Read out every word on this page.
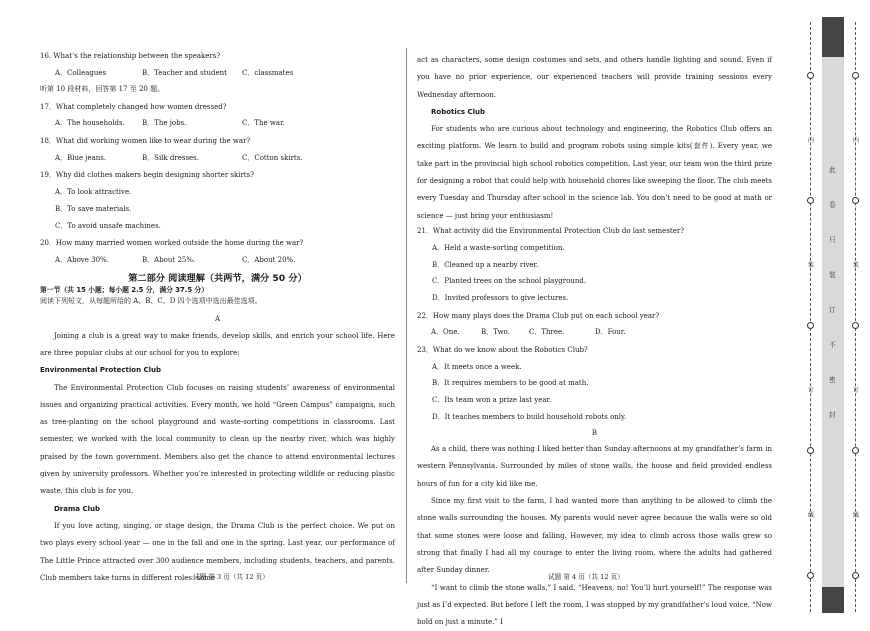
16. What’s the relationship between the speakers?
A．Colleagues	B．Teacher and student	C．classmates
听第 10 段材料，回答第 17 至 20 题。
17．What completely changed how women dressed?
A．The households.	B．The jobs.	C．The war.
18．What did working women like to wear during the war?
A．Blue jeans.	B．Silk dresses.	C．Cotton skirts.
19．Why did clothes makers begin designing shorter skirts?
A．To look attractive.
B．To save materials.
C．To avoid unsafe machines.
20．How many married women worked outside the home during the war?
A．Above 30%.	B．About 25%.	C．About 20%.
第二部分 阅读理解（共两节，满分 50 分）
第一节（共 15 小题；每小题 2.5 分，满分 37.5 分）
阅读下列短文，从每题所给的 A、B、C、D 四个选项中选出最佳选项。
A

Joining a club is a great way to make friends, develop skills, and enrich your school life. Here are three popular clubs at our school for you to explore:

Environmental Protection Club

The Environmental Protection Club focuses on raising students’ awareness of environmental issues and organizing practical activities. Every month, we hold “Green Campus” campaigns, such as tree-planting on the school playground and waste-sorting competitions in classrooms. Last semester, we worked with the local community to clean up the nearby river, which was highly praised by the town government. Members also get the chance to attend environmental lectures given by university professors. Whether you’re interested in protecting wildlife or reducing plastic waste, this club is for you.

Drama Club

If you love acting, singing, or stage design, the Drama Club is the perfect choice. We put on two plays every school year — one in the fall and one in the spring. Last year, our performance of The Little Prince attracted over 300 audience members, including students, teachers, and parents. Club members take turns in different roles: some

试题 第 3 页（共 12 页）

act as characters, some design costumes and sets, and others handle lighting and sound. Even if you have no prior experience, our experienced teachers will provide training sessions every Wednesday afternoon.

Robotics Club

For students who are curious about technology and engineering, the Robotics Club offers an exciting platform. We learn to build and program robots using simple kits(套件). Every year, we take part in the provincial high school robotics competition. Last year, our team won the third prize for designing a robot that could help with household chores like sweeping the floor. The club meets every Tuesday and Thursday after school in the science lab. You don’t need to be good at math or science — just bring your enthusiasm!

21．What activity did the Environmental Protection Club do last semester?
A．Held a waste-sorting competition.
B．Cleaned up a nearby river.
C．Planted trees on the school playground.
D．Invited professors to give lectures.
22．How many plays does the Drama Club put on each school year?
A．One.	B．Two.	C．Three.	D．Four.
23．What do we know about the Robotics Club?
A．It meets once a week.
B．It requires members to be good at math.
C．Its team won a prize last year.
D．It teaches members to build household robots only.
B

As a child, there was nothing I liked better than Sunday afternoons at my grandfather’s farm in western Pennsylvania. Surrounded by miles of stone walls, the house and field provided endless hours of fun for a city kid like me.

Since my first visit to the farm, I had wanted more than anything to be allowed to climb the stone walls surrounding the houses. My parents would never agree because the walls were so old that some stones were loose and falling. However, my idea to climb across those walls grew so strong that finally I had all my courage to enter the living room, where the adults had gathered after Sunday dinner.

“I want to climb the stone walls,” I said. “Heavens, no! You’ll hurt yourself!” The response was just as I’d expected. But before I left the room, I was stopped by my grandfather’s loud voice. “Now hold on just a minute.” I

试题 第 4 页（共 12 页）
内
装
订
线
内
装
订
线
此
卷
只
装
订
不
密
封
